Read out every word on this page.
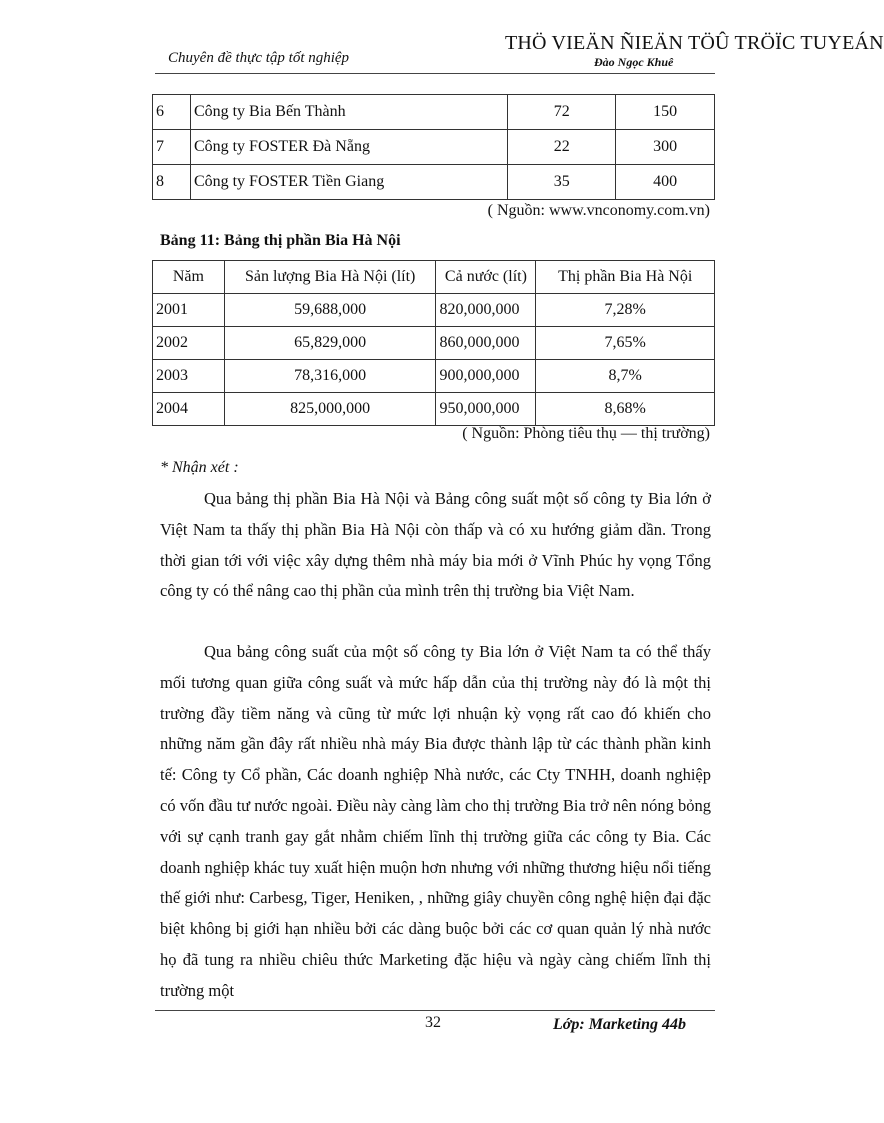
Chuyên đề thực tập tốt nghiệp
THÖ VIEÄN ÑIEÄN TÖÛ TRÖÏC TUYEÁN
Ðào Ngọc Khuê
6	Công ty Bia Bến Thành	72	150
7	Công ty FOSTER Đà Nẵng	22	300
8	Công ty FOSTER Tiền Giang	35	400
( Nguồn: www.vnconomy.com.vn)
Bảng 11: Bảng thị phần Bia Hà Nội
Năm	Sản lượng Bia Hà Nội (lít)	Cả nước (lít)	Thị phần Bia Hà Nội
2001	59,688,000	820,000,000	7,28%
2002	65,829,000	860,000,000	7,65%
2003	78,316,000	900,000,000	8,7%
2004	825,000,000	950,000,000	8,68%
( Nguồn: Phòng tiêu thụ — thị trường)
* Nhận xét :
Qua bảng thị phần Bia Hà Nội và Bảng công suất một số công ty Bia lớn ở Việt Nam ta thấy thị phần Bia Hà Nội còn thấp và có xu hướng giảm dần. Trong thời gian tới với việc xây dựng thêm nhà máy bia mới ở Vĩnh Phúc hy vọng Tổng công ty có thể nâng cao thị phần của mình trên thị trường bia Việt Nam.
Qua bảng công suất của một số công ty Bia lớn ở Việt Nam ta có thể thấy mối tương quan giữa công suất và mức hấp dẫn của thị trường này đó là một thị trường đầy tiềm năng và cũng từ mức lợi nhuận kỳ vọng rất cao đó khiến cho những năm gần đây rất nhiều nhà máy Bia được thành lập từ các thành phần kinh tế: Công ty Cổ phần, Các doanh nghiệp Nhà nước, các Cty TNHH, doanh nghiệp có vốn đầu tư nước ngoài. Điều này càng làm cho thị trường Bia trở nên nóng bỏng với sự cạnh tranh gay gắt nhằm chiếm lĩnh thị trường giữa các công ty Bia. Các doanh nghiệp khác tuy xuất hiện muộn hơn nhưng với những thương hiệu nổi tiếng thế giới như: Carbesg, Tiger, Heniken, , những giây chuyền công nghệ hiện đại đặc biệt không bị giới hạn nhiều bởi các dàng buộc bởi các cơ quan quản lý nhà nước họ đã tung ra nhiều chiêu thức Marketing đặc hiệu và ngày càng chiếm lĩnh thị trường một
32	Lớp: Marketing 44b
